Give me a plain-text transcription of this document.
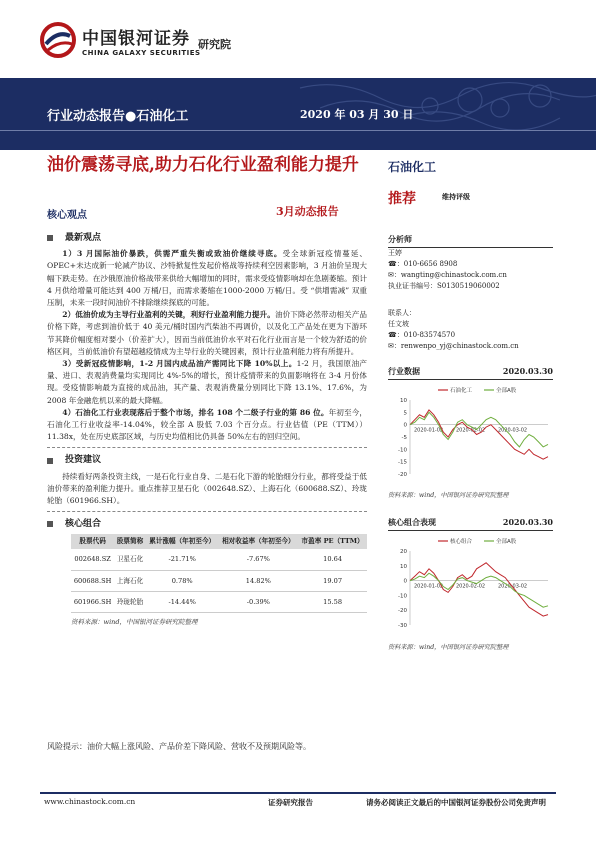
中国银河证券
CHINA GALAXY SECURITIES
研究院
行业动态报告●石油化工	2020 年 03 月 30 日
油价震荡寻底,助力石化行业盈利能力提升
3月动态报告
核心观点
最新观点

1）3 月国际油价暴跌，供需严重失衡或致油价继续寻底。受全球新冠疫情蔓延、OPEC+未达成新一轮减产协议、沙特掀复性发起价格战等持续利空因素影响，3 月油价呈现大幅下跌走势。在沙俄原油价格战带来供给大幅增加的同时，需求受疫情影响却在急剧萎缩。预计 4 月供给增量可能达到 400 万桶/日，而需求萎缩在1000-2000 万桶/日。受 “供增需减” 双重压制，未来一段时间油价不排除继续探底的可能。

2）低油价成为主导行业盈利的关键，利好行业盈利能力提升。油价下降必然带动相关产品价格下降，考虑到油价低于 40 美元/桶时国内汽柴油不再调价，以及化工产品处在更为下游环节其降价幅度相对要小（价差扩大），因而当前低油价水平对石化行业而言是一个较为舒适的价格区间，当前低油价有望超越疫情成为主导行业的关键因素，预计行业盈利能力将有所提升。

3）受新冠疫情影响，1-2 月国内成品油产需同比下降 10%以上。1-2 月，我国原油产量、进口、表观消费量均实现同比 4%-5%的增长，预计疫情带来的负面影响将在 3-4 月份体现。受疫情影响最为直接的成品油，其产量、表观消费量分别同比下降 13.1%、17.6%，为 2008 年金融危机以来的最大降幅。

4）石油化工行业表现落后于整个市场，排名 108 个二级子行业的第 86 位。年初至今，石油化工行业收益率-14.04%，较全部 A 股低 7.03 个百分点。行业估值（PE（TTM））11.38x，处在历史底部区域，与历史均值相比仍具备 50%左右的回归空间。

投资建议

持续看好两条投资主线，一是石化行业自身、二是石化下游的轮胎细分行业，都将受益于低油价带来的盈利能力提升。重点推荐卫星石化（002648.SZ）、上海石化（600688.SZ）、玲珑轮胎（601966.SH）。

核心组合
股票代码	股票简称	累计涨幅（年初至今）	相对收益率（年初至今）	市盈率 PE（TTM）
002648.SZ	卫星石化	-21.71%	-7.67%	10.64
600688.SH	上海石化	0.78%	14.82%	19.07
601966.SH	玲珑轮胎	-14.44%	-0.39%	15.58
资料来源：wind，中国银河证券研究院整理
风险提示：油价大幅上涨风险、产品价差下降风险、营收不及预期风险等。
石油化工
推荐	维持评级
分析师
王婷
☎：010-6656 8908
✉：wangting@chinastock.com.cn
执业证书编号：S0130519060002
联系人：
任文坡
☎：010-83574570
✉：renwenpo_yj@chinastock.com.cn
行业数据	2020.03.30
10
5
0
-5
-10
-15
-20
2020-01-02	2020-02-02	2020-03-02
石油化工	全部A股
资料来源：wind，中国银河证券研究院整理
核心组合表现	2020.03.30
20
10
0
-10
-20
-30
2020-01-02	2020-02-02	2020-03-02
核心组合	全部A股
资料来源：wind，中国银河证券研究院整理
www.chinastock.com.cn	证券研究报告	请务必阅读正文最后的中国银河证券股份公司免责声明
